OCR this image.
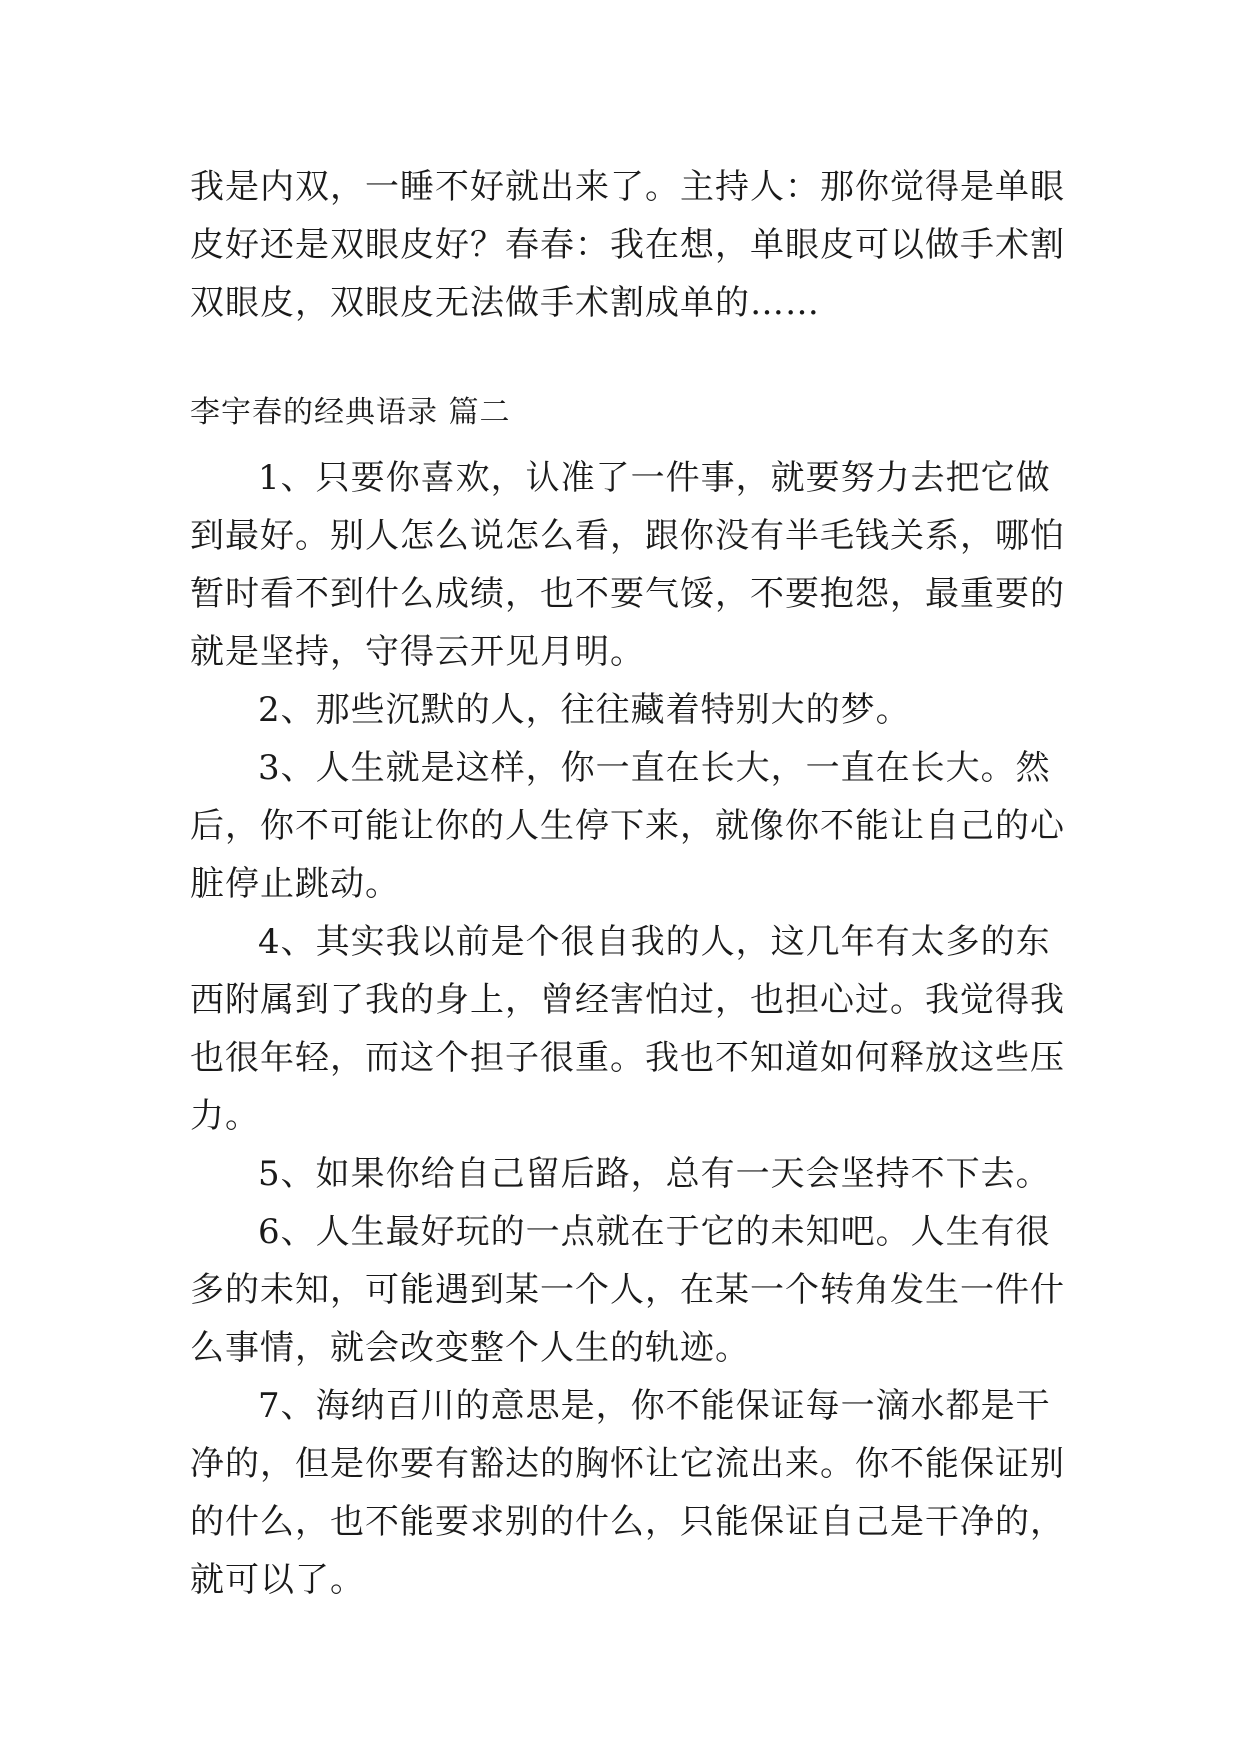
我是内双，一睡不好就出来了。主持人：那你觉得是单眼皮好还是双眼皮好？春春：我在想，单眼皮可以做手术割双眼皮，双眼皮无法做手术割成单的……

李宇春的经典语录 篇二

1、只要你喜欢，认准了一件事，就要努力去把它做到最好。别人怎么说怎么看，跟你没有半毛钱关系，哪怕暂时看不到什么成绩，也不要气馁，不要抱怨，最重要的就是坚持，守得云开见月明。

2、那些沉默的人，往往藏着特别大的梦。

3、人生就是这样，你一直在长大，一直在长大。然后，你不可能让你的人生停下来，就像你不能让自己的心脏停止跳动。

4、其实我以前是个很自我的人，这几年有太多的东西附属到了我的身上，曾经害怕过，也担心过。我觉得我也很年轻，而这个担子很重。我也不知道如何释放这些压力。

5、如果你给自己留后路，总有一天会坚持不下去。

6、人生最好玩的一点就在于它的未知吧。人生有很多的未知，可能遇到某一个人，在某一个转角发生一件什么事情，就会改变整个人生的轨迹。

7、海纳百川的意思是，你不能保证每一滴水都是干净的，但是你要有豁达的胸怀让它流出来。你不能保证别的什么，也不能要求别的什么，只能保证自己是干净的，就可以了。
